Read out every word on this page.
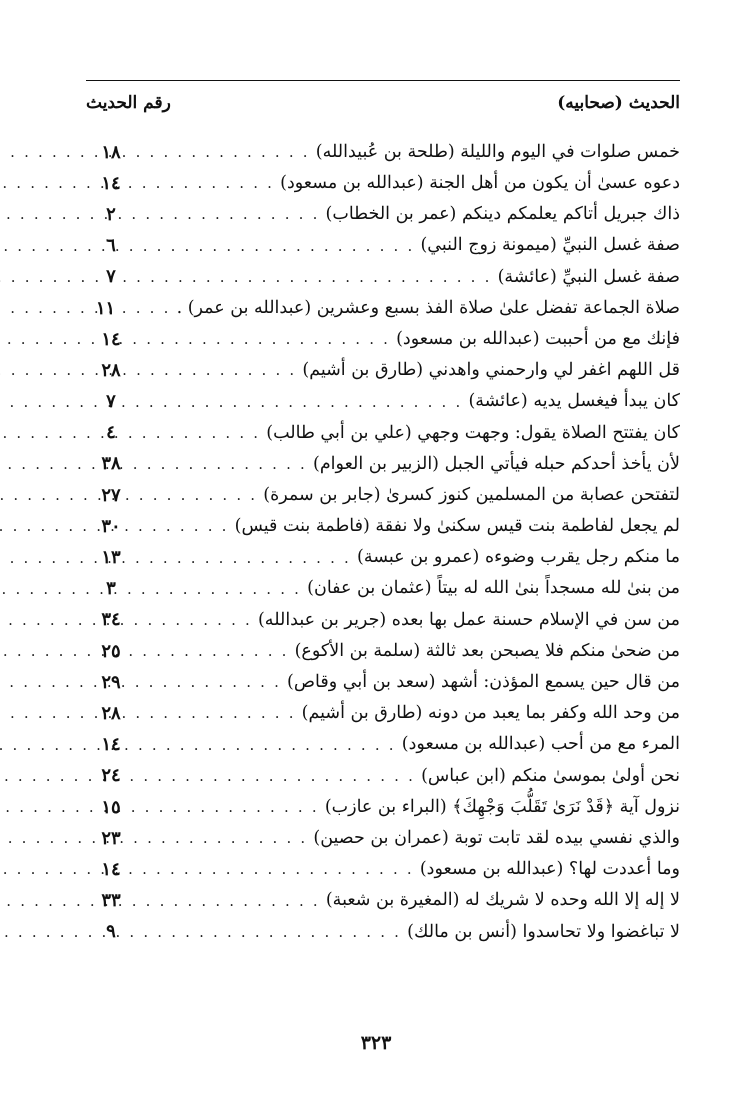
الحديث (صحابيه)
رقم الحديث
خمس صلوات في اليوم والليلة (طلحة بن عُبيدالله)
. . .
١٨
دعوه عسىٰ أن يكون من أهل الجنة (عبدالله بن مسعود)
. . .
١٤
ذاك جبريل أتاكم يعلمكم دينكم (عمر بن الخطاب)
. . .
٢
صفة غسل النبيِّ (ميمونة زوج النبي)
. . .
٦
صفة غسل النبيِّ (عائشة)
. . .
٧
صلاة الجماعة تفضل علىٰ صلاة الفذ بسبع وعشرين (عبدالله بن عمر) .
. . .
١١
فإنك مع من أحببت (عبدالله بن مسعود)
. . .
١٤
قل اللهم اغفر لي وارحمني واهدني (طارق بن أشيم)
. . .
٢٨
كان يبدأ فيغسل يديه (عائشة)
. . .
٧
كان يفتتح الصلاة يقول: وجهت وجهي (علي بن أبي طالب)
. . .
٤
لأن يأخذ أحدكم حبله فيأتي الجبل (الزبير بن العوام)
. . .
٣٨
لتفتحن عصابة من المسلمين كنوز كسرىٰ (جابر بن سمرة)
. . .
٢٧
لم يجعل لفاطمة بنت قيس سكنىٰ ولا نفقة (فاطمة بنت قيس)
. . .
٣٠
ما منكم رجل يقرب وضوءه (عمرو بن عبسة)
. . .
١٣
من بنىٰ لله مسجداً بنىٰ الله له بيتاً (عثمان بن عفان)
. . .
٣
من سن في الإسلام حسنة عمل بها بعده (جرير بن عبدالله)
. . .
٣٤
من ضحىٰ منكم فلا يصبحن بعد ثالثة (سلمة بن الأكوع)
. . .
٢٥
من قال حين يسمع المؤذن: أشهد (سعد بن أبي وقاص)
. . .
٢٩
من وحد الله وكفر بما يعبد من دونه (طارق بن أشيم)
. . .
٢٨
المرء مع من أحب (عبدالله بن مسعود)
. . .
١٤
نحن أولىٰ بموسىٰ منكم (ابن عباس)
. . .
٢٤
نزول آية ﴿قَدْ نَرَىٰ تَقَلُّبَ وَجْهِكَ﴾ (البراء بن عازب)
. . .
١٥
والذي نفسي بيده لقد تابت توبة (عمران بن حصين)
. . .
٢٣
وما أعددت لها؟ (عبدالله بن مسعود)
. . .
١٤
لا إله إلا الله وحده لا شريك له (المغيرة بن شعبة)
. . .
٣٣
لا تباغضوا ولا تحاسدوا (أنس بن مالك)
. . .
٩
٣٢٣
